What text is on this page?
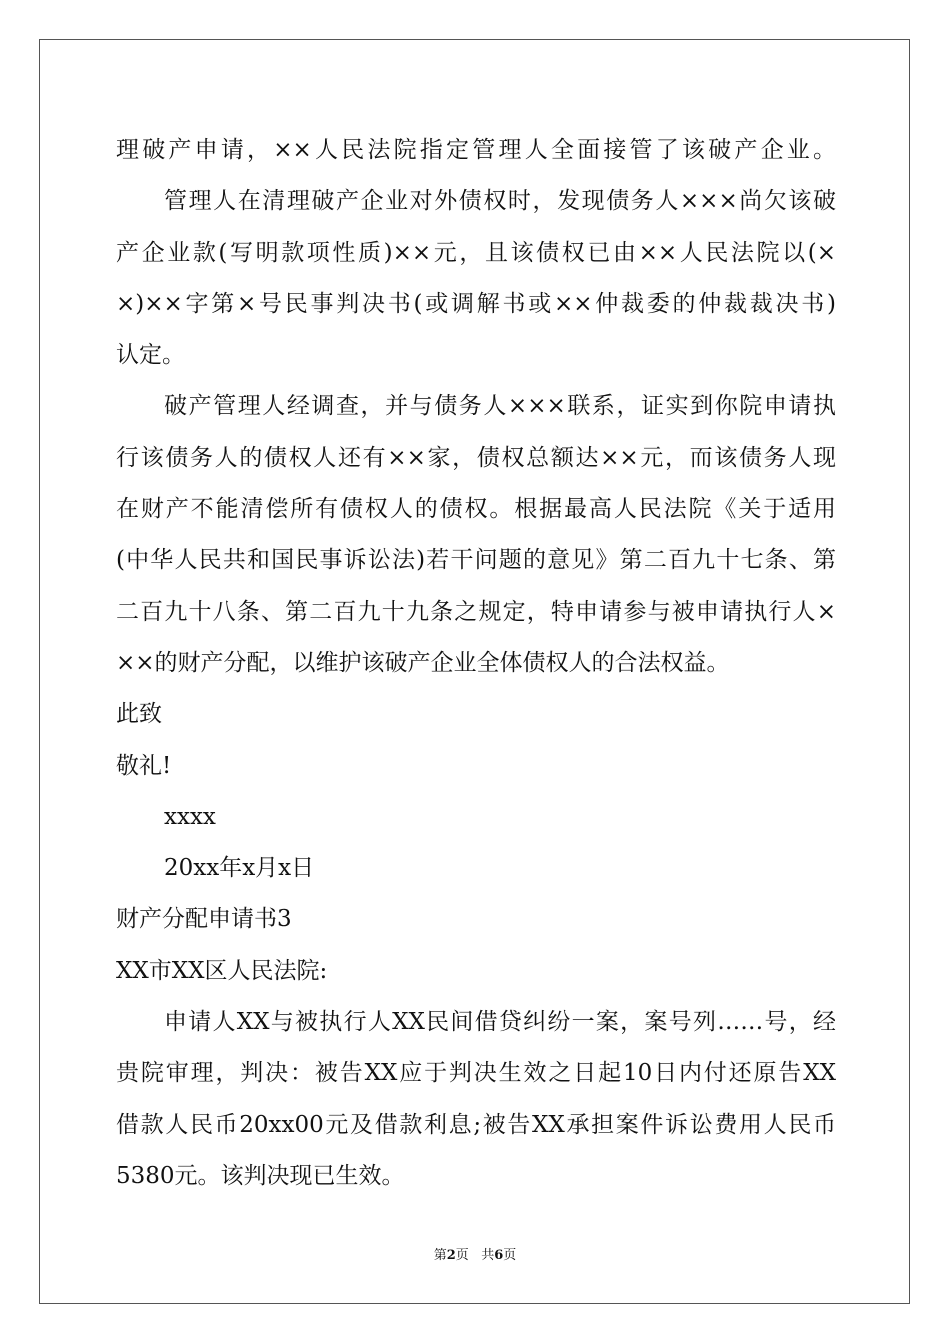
理破产申请，××人民法院指定管理人全面接管了该破产企业。
管理人在清理破产企业对外债权时，发现债务人×××尚欠该破
产企业款(写明款项性质)××元，且该债权已由××人民法院以(×
×)××字第×号民事判决书(或调解书或××仲裁委的仲裁裁决书)
认定。
破产管理人经调查，并与债务人×××联系，证实到你院申请执
行该债务人的债权人还有××家，债权总额达××元，而该债务人现
在财产不能清偿所有债权人的债权。根据最高人民法院《关于适用
(中华人民共和国民事诉讼法)若干问题的意见》第二百九十七条、第
二百九十八条、第二百九十九条之规定，特申请参与被申请执行人×
××的财产分配，以维护该破产企业全体债权人的合法权益。
此致
敬礼!
xxxx
20xx年x月x日
财产分配申请书3
XX市XX区人民法院:
申请人XX与被执行人XX民间借贷纠纷一案，案号列……号，经
贵院审理，判决：被告XX应于判决生效之日起10日内付还原告XX
借款人民币20xx00元及借款利息;被告XX承担案件诉讼费用人民币
5380元。该判决现已生效。
第2页 共6页
